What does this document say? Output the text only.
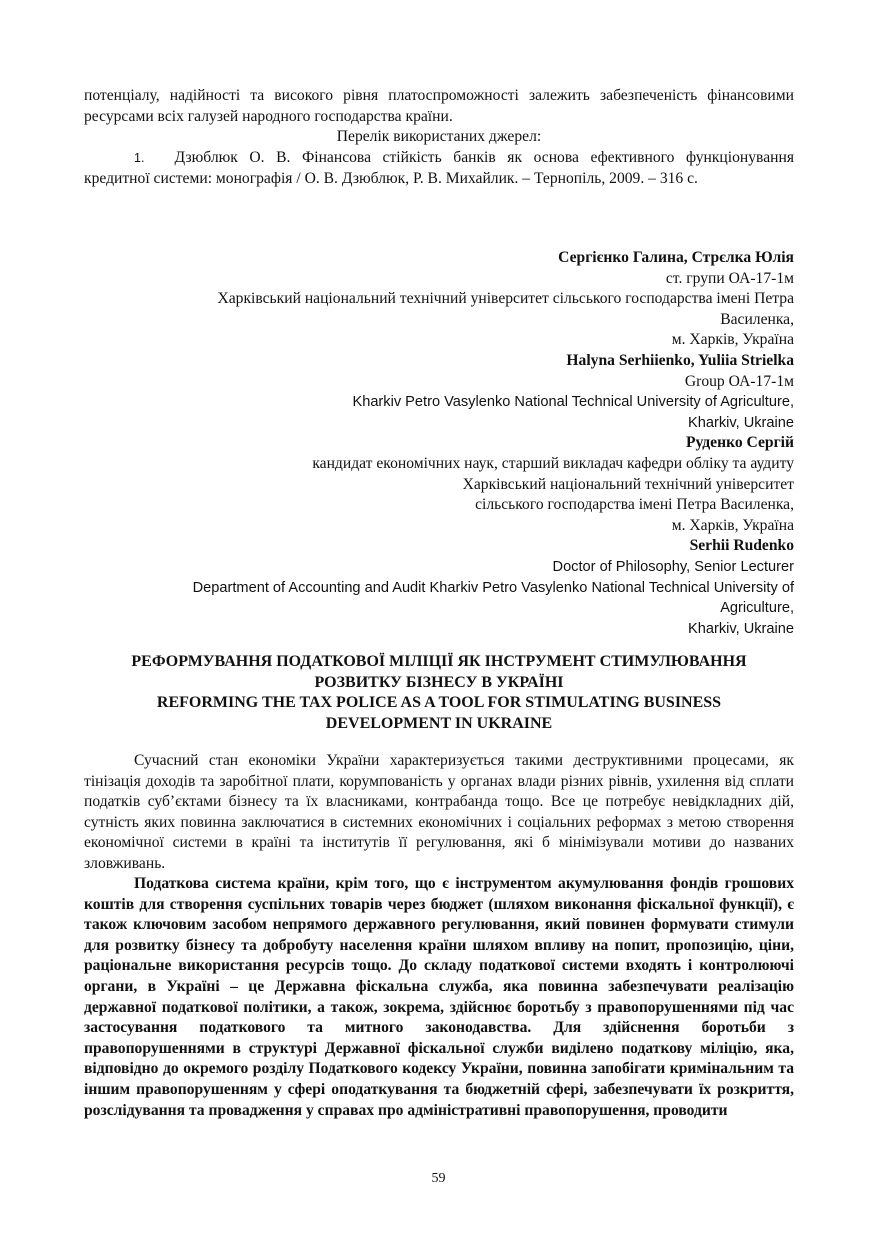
потенціалу, надійності та високого рівня платоспроможності залежить забезпеченість фінансовими ресурсами всіх галузей народного господарства країни.
Перелік використаних джерел:
1. Дзюблюк О. В. Фінансова стійкість банків як основа ефективного функціонування кредитної системи: монографія / О. В. Дзюблюк, Р. В. Михайлик. – Тернопіль, 2009. – 316 с.
Сергієнко Галина, Стрєлка Юлія
ст. групи ОА-17-1м
Харківський національний технічний університет сільського господарства імені Петра
Василенка,
м. Харків, Україна
Halyna Serhiienko, Yuliia Strielka
Group ОА-17-1м
Kharkiv Petro Vasylenko National Technical University of Agriculture,
Kharkiv, Ukraine
Руденко Сергій
кандидат економічних наук, старший викладач кафедри обліку та аудиту
Харківський національний технічний університет
сільського господарства імені Петра Василенка,
м. Харків, Україна
Serhii Rudenko
Doctor of Philosophy, Senior Lecturer
Department of Accounting and Audit Kharkiv Petro Vasylenko National Technical University of
Agriculture,
Kharkiv, Ukraine
РЕФОРМУВАННЯ ПОДАТКОВОЇ МІЛІЦІЇ ЯК ІНСТРУМЕНТ СТИМУЛЮВАННЯ
РОЗВИТКУ БІЗНЕСУ В УКРАЇНІ
REFORMING THE TAX POLICE AS A TOOL FOR STIMULATING BUSINESS
DEVELOPMENT IN UKRAINE
Сучасний стан економіки України характеризується такими деструктивними процесами, як тінізація доходів та заробітної плати, корумпованість у органах влади різних рівнів, ухилення від сплати податків суб’єктами бізнесу та їх власниками, контрабанда тощо. Все це потребує невідкладних дій, сутність яких повинна заключатися в системних економічних і соціальних реформах з метою створення економічної системи в країні та інститутів її регулювання, які б мінімізували мотиви до названих зловживань.
Податкова система країни, крім того, що є інструментом акумулювання фондів грошових коштів для створення суспільних товарів через бюджет (шляхом виконання фіскальної функції), є також ключовим засобом непрямого державного регулювання, який повинен формувати стимули для розвитку бізнесу та добробуту населення країни шляхом впливу на попит, пропозицію, ціни, раціональне використання ресурсів тощо. До складу податкової системи входять і контролюючі органи, в Україні – це Державна фіскальна служба, яка повинна забезпечувати реалізацію державної податкової політики, а також, зокрема, здійснює боротьбу з правопорушеннями під час застосування податкового та митного законодавства. Для здійснення боротьби з правопорушеннями в структурі Державної фіскальної служби виділено податкову міліцію, яка, відповідно до окремого розділу Податкового кодексу України, повинна запобігати кримінальним та іншим правопорушенням у сфері оподаткування та бюджетній сфері, забезпечувати їх розкриття, розслідування та провадження у справах про адміністративні правопорушення, проводити
59
